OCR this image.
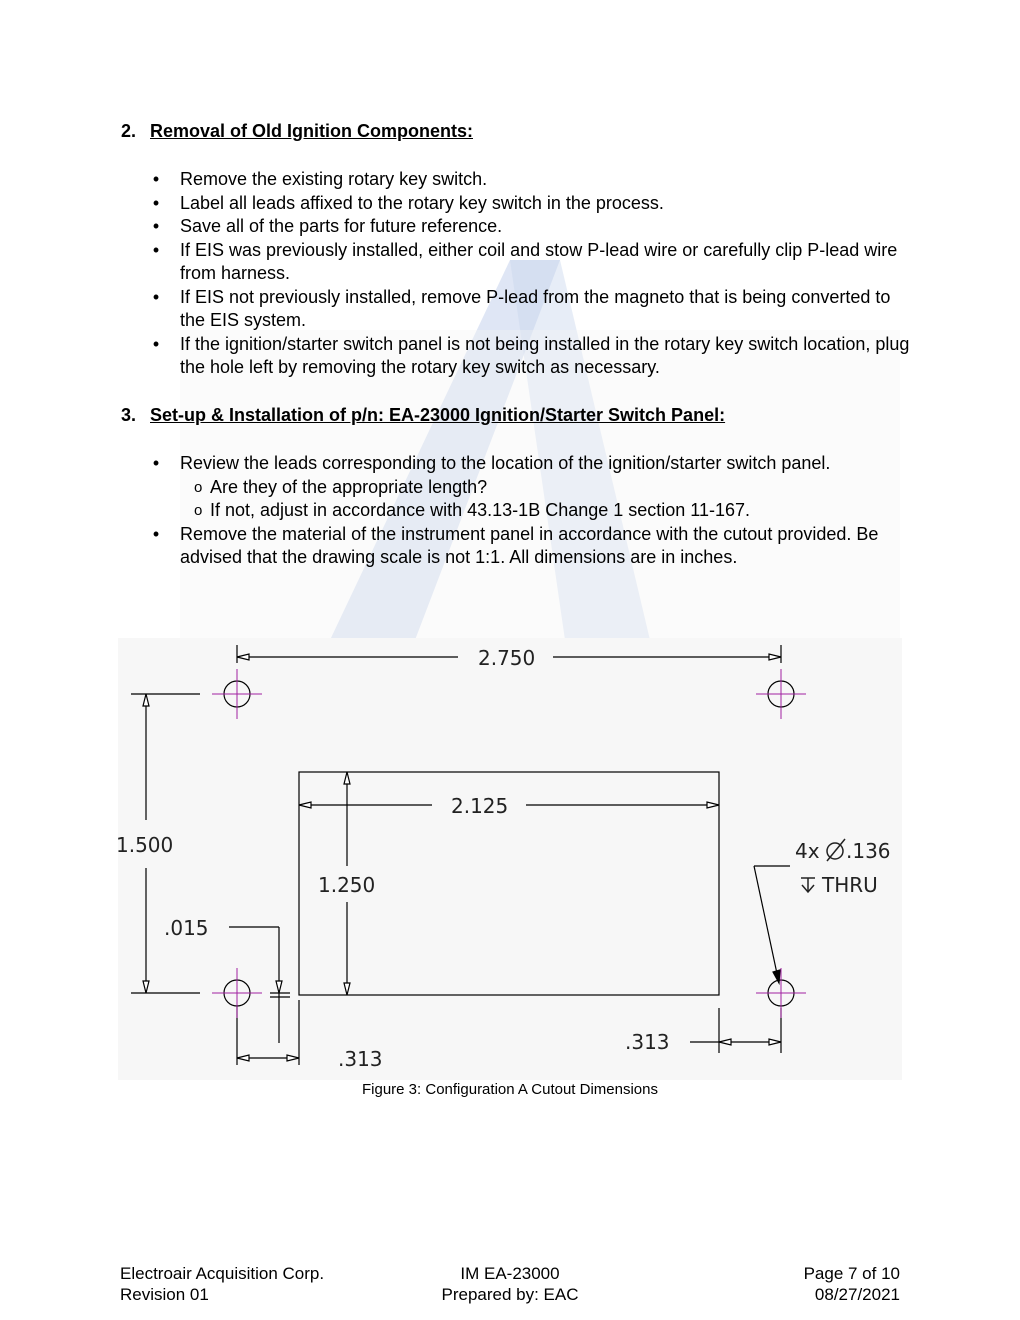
2. Removal of Old Ignition Components:
• Remove the existing rotary key switch.
• Label all leads affixed to the rotary key switch in the process.
• Save all of the parts for future reference.
• If EIS was previously installed, either coil and stow P-lead wire or carefully clip P-lead wire from harness.
• If EIS not previously installed, remove P-lead from the magneto that is being converted to the EIS system.
• If the ignition/starter switch panel is not being installed in the rotary key switch location, plug the hole left by removing the rotary key switch as necessary.
3. Set-up & Installation of p/n: EA-23000 Ignition/Starter Switch Panel:
• Review the leads corresponding to the location of the ignition/starter switch panel.
o Are they of the appropriate length?
o If not, adjust in accordance with 43.13-1B Change 1 section 11-167.
• Remove the material of the instrument panel in accordance with the cutout provided. Be advised that the drawing scale is not 1:1. All dimensions are in inches.
2.750
2.125
1.500
1.250
.015
.313
.313
4x .136
THRU
Figure 3: Configuration A Cutout Dimensions
Electroair Acquisition Corp.
Revision 01
IM EA-23000
Prepared by: EAC
Page 7 of 10
08/27/2021
